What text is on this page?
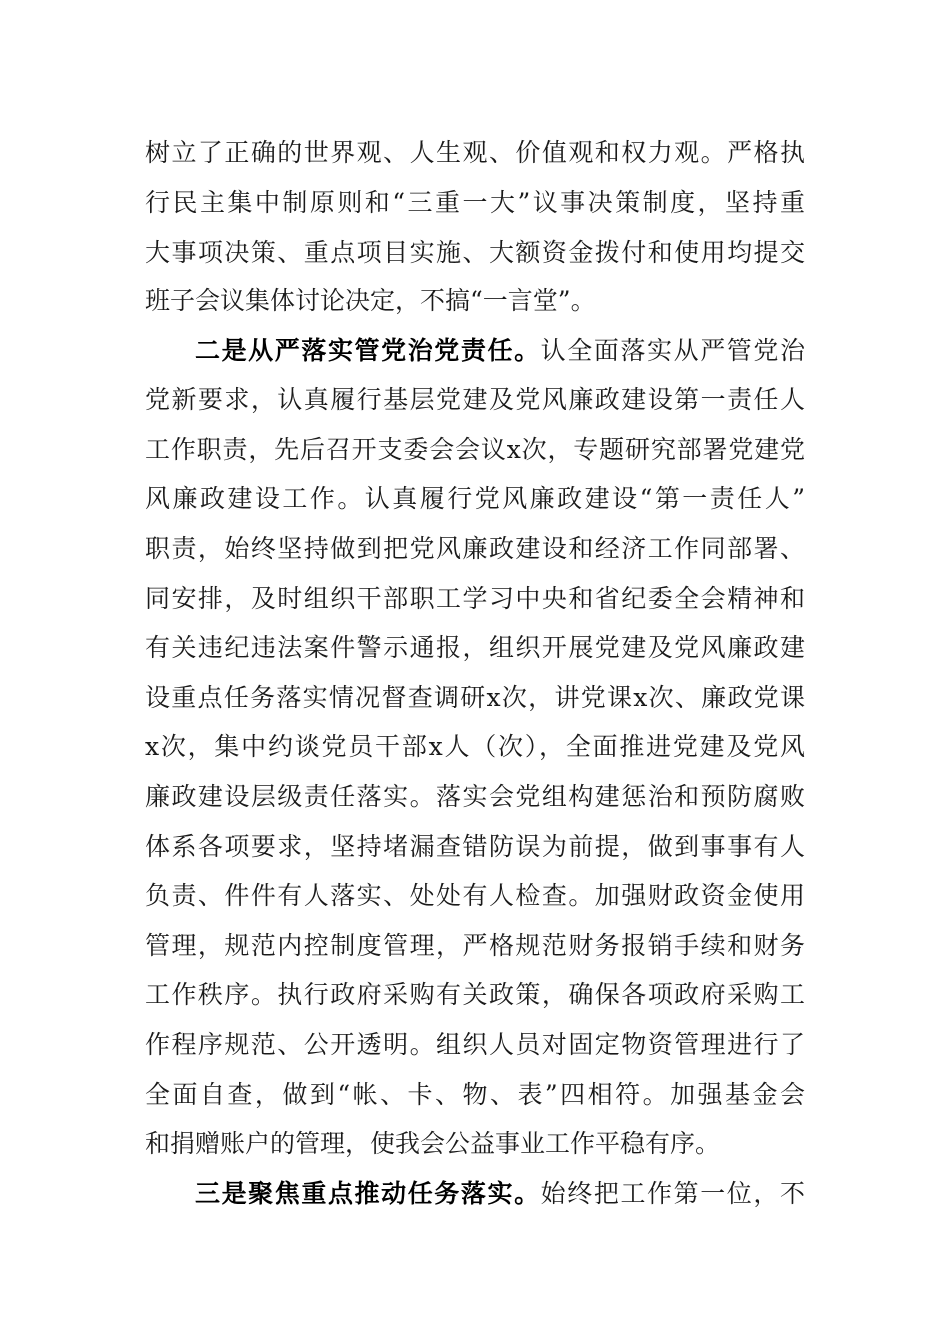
树立了正确的世界观、人生观、价值观和权力观。严格执
行民主集中制原则和“三重一大”议事决策制度，坚持重
大事项决策、重点项目实施、大额资金拨付和使用均提交
班子会议集体讨论决定，不搞“一言堂”。
二是从严落实管党治党责任。认全面落实从严管党治
党新要求，认真履行基层党建及党风廉政建设第一责任人
工作职责，先后召开支委会会议x次，专题研究部署党建党
风廉政建设工作。认真履行党风廉政建设“第一责任人”
职责，始终坚持做到把党风廉政建设和经济工作同部署、
同安排，及时组织干部职工学习中央和省纪委全会精神和
有关违纪违法案件警示通报，组织开展党建及党风廉政建
设重点任务落实情况督查调研x次，讲党课x次、廉政党课
x次，集中约谈党员干部x人（次），全面推进党建及党风
廉政建设层级责任落实。落实会党组构建惩治和预防腐败
体系各项要求，坚持堵漏查错防误为前提，做到事事有人
负责、件件有人落实、处处有人检查。加强财政资金使用
管理，规范内控制度管理，严格规范财务报销手续和财务
工作秩序。执行政府采购有关政策，确保各项政府采购工
作程序规范、公开透明。组织人员对固定物资管理进行了
全面自查，做到“帐、卡、物、表”四相符。加强基金会
和捐赠账户的管理，使我会公益事业工作平稳有序。
三是聚焦重点推动任务落实。始终把工作第一位，不
